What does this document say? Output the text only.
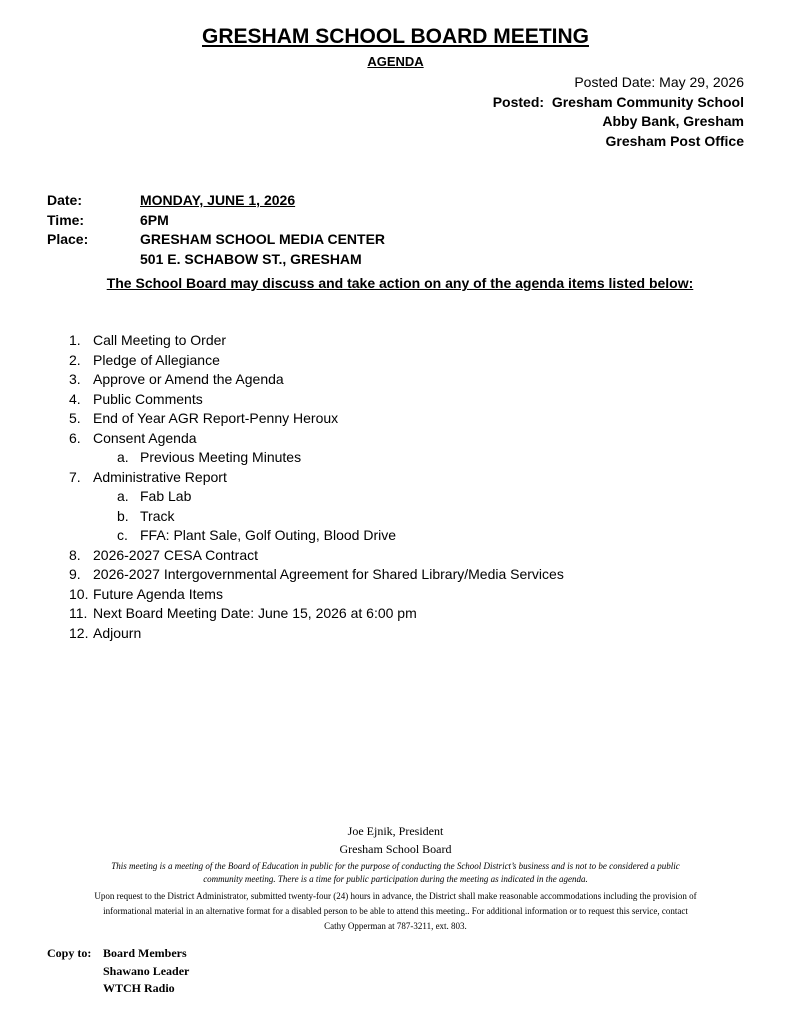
GRESHAM SCHOOL BOARD MEETING
AGENDA
Posted Date: May 29, 2026
Posted: Gresham Community School
Abby Bank, Gresham
Gresham Post Office
Date:	MONDAY, JUNE 1, 2026
Time:	6PM
Place:	GRESHAM SCHOOL MEDIA CENTER
501 E. SCHABOW ST., GRESHAM
The School Board may discuss and take action on any of the agenda items listed below:
1. Call Meeting to Order
2. Pledge of Allegiance
3. Approve or Amend the Agenda
4. Public Comments
5. End of Year AGR Report-Penny Heroux
6. Consent Agenda
a. Previous Meeting Minutes
7. Administrative Report
a. Fab Lab
b. Track
c. FFA: Plant Sale, Golf Outing, Blood Drive
8. 2026-2027 CESA Contract
9. 2026-2027 Intergovernmental Agreement for Shared Library/Media Services
10. Future Agenda Items
11. Next Board Meeting Date: June 15, 2026 at 6:00 pm
12. Adjourn
Joe Ejnik, President
Gresham School Board
This meeting is a meeting of the Board of Education in public for the purpose of conducting the School District’s business and is not to be considered a public
community meeting. There is a time for public participation during the meeting as indicated in the agenda.
Upon request to the District Administrator, submitted twenty-four (24) hours in advance, the District shall make reasonable accommodations including the provision of
informational material in an alternative format for a disabled person to be able to attend this meeting.. For additional information or to request this service, contact
Cathy Opperman at 787-3211, ext. 803.
Copy to: Board Members
Shawano Leader
WTCH Radio
